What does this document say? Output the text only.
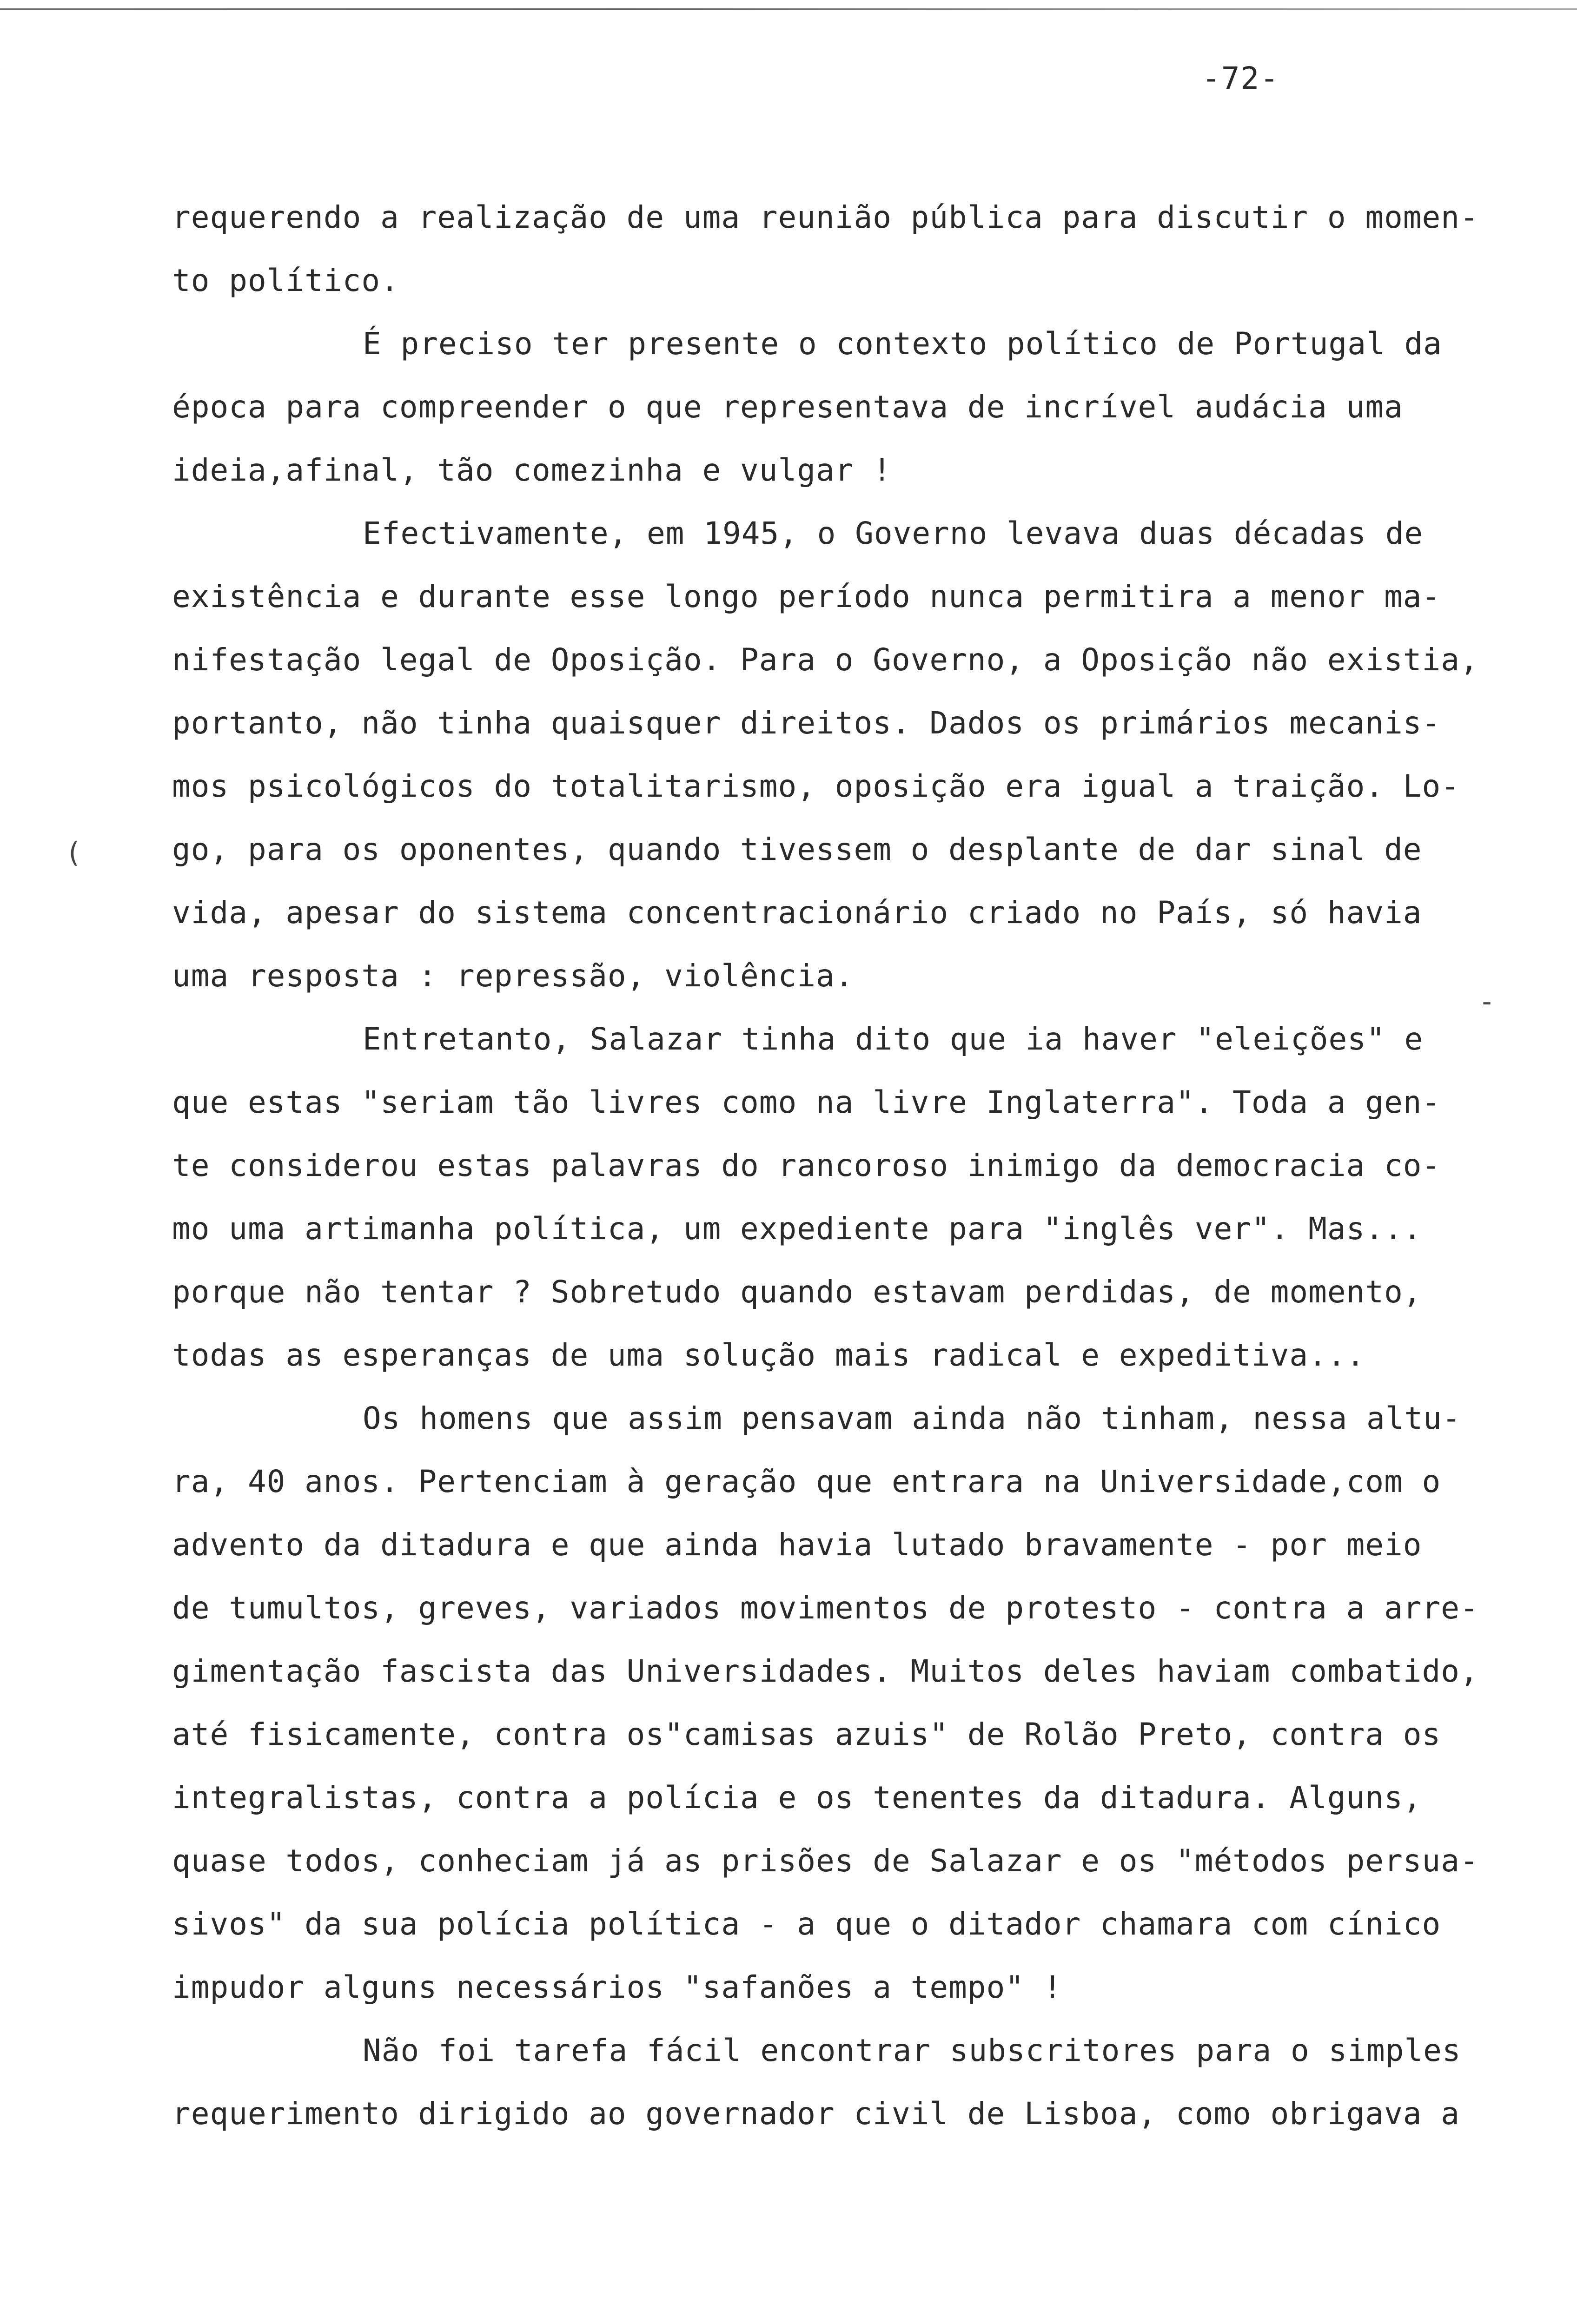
-72-
requerendo a realização de uma reunião pública para discutir o momen-
to político.
É preciso ter presente o contexto político de Portugal da
época para compreender o que representava de incrível audácia uma
ideia,afinal, tão comezinha e vulgar !
Efectivamente, em 1945, o Governo levava duas décadas de
existência e durante esse longo período nunca permitira a menor ma-
nifestação legal de Oposição. Para o Governo, a Oposição não existia,
portanto, não tinha quaisquer direitos. Dados os primários mecanis-
mos psicológicos do totalitarismo, oposição era igual a traição. Lo-
go, para os oponentes, quando tivessem o desplante de dar sinal de
vida, apesar do sistema concentracionário criado no País, só havia
uma resposta : repressão, violência.
Entretanto, Salazar tinha dito que ia haver "eleições" e
que estas "seriam tão livres como na livre Inglaterra". Toda a gen-
te considerou estas palavras do rancoroso inimigo da democracia co-
mo uma artimanha política, um expediente para "inglês ver". Mas...
porque não tentar ? Sobretudo quando estavam perdidas, de momento,
todas as esperanças de uma solução mais radical e expeditiva...
Os homens que assim pensavam ainda não tinham, nessa altu-
ra, 40 anos. Pertenciam à geração que entrara na Universidade,com o
advento da ditadura e que ainda havia lutado bravamente - por meio
de tumultos, greves, variados movimentos de protesto - contra a arre-
gimentação fascista das Universidades. Muitos deles haviam combatido,
até fisicamente, contra os"camisas azuis" de Rolão Preto, contra os
integralistas, contra a polícia e os tenentes da ditadura. Alguns,
quase todos, conheciam já as prisões de Salazar e os "métodos persua-
sivos" da sua polícia política - a que o ditador chamara com cínico
impudor alguns necessários "safanões a tempo" !
Não foi tarefa fácil encontrar subscritores para o simples
requerimento dirigido ao governador civil de Lisboa, como obrigava a
(
-
